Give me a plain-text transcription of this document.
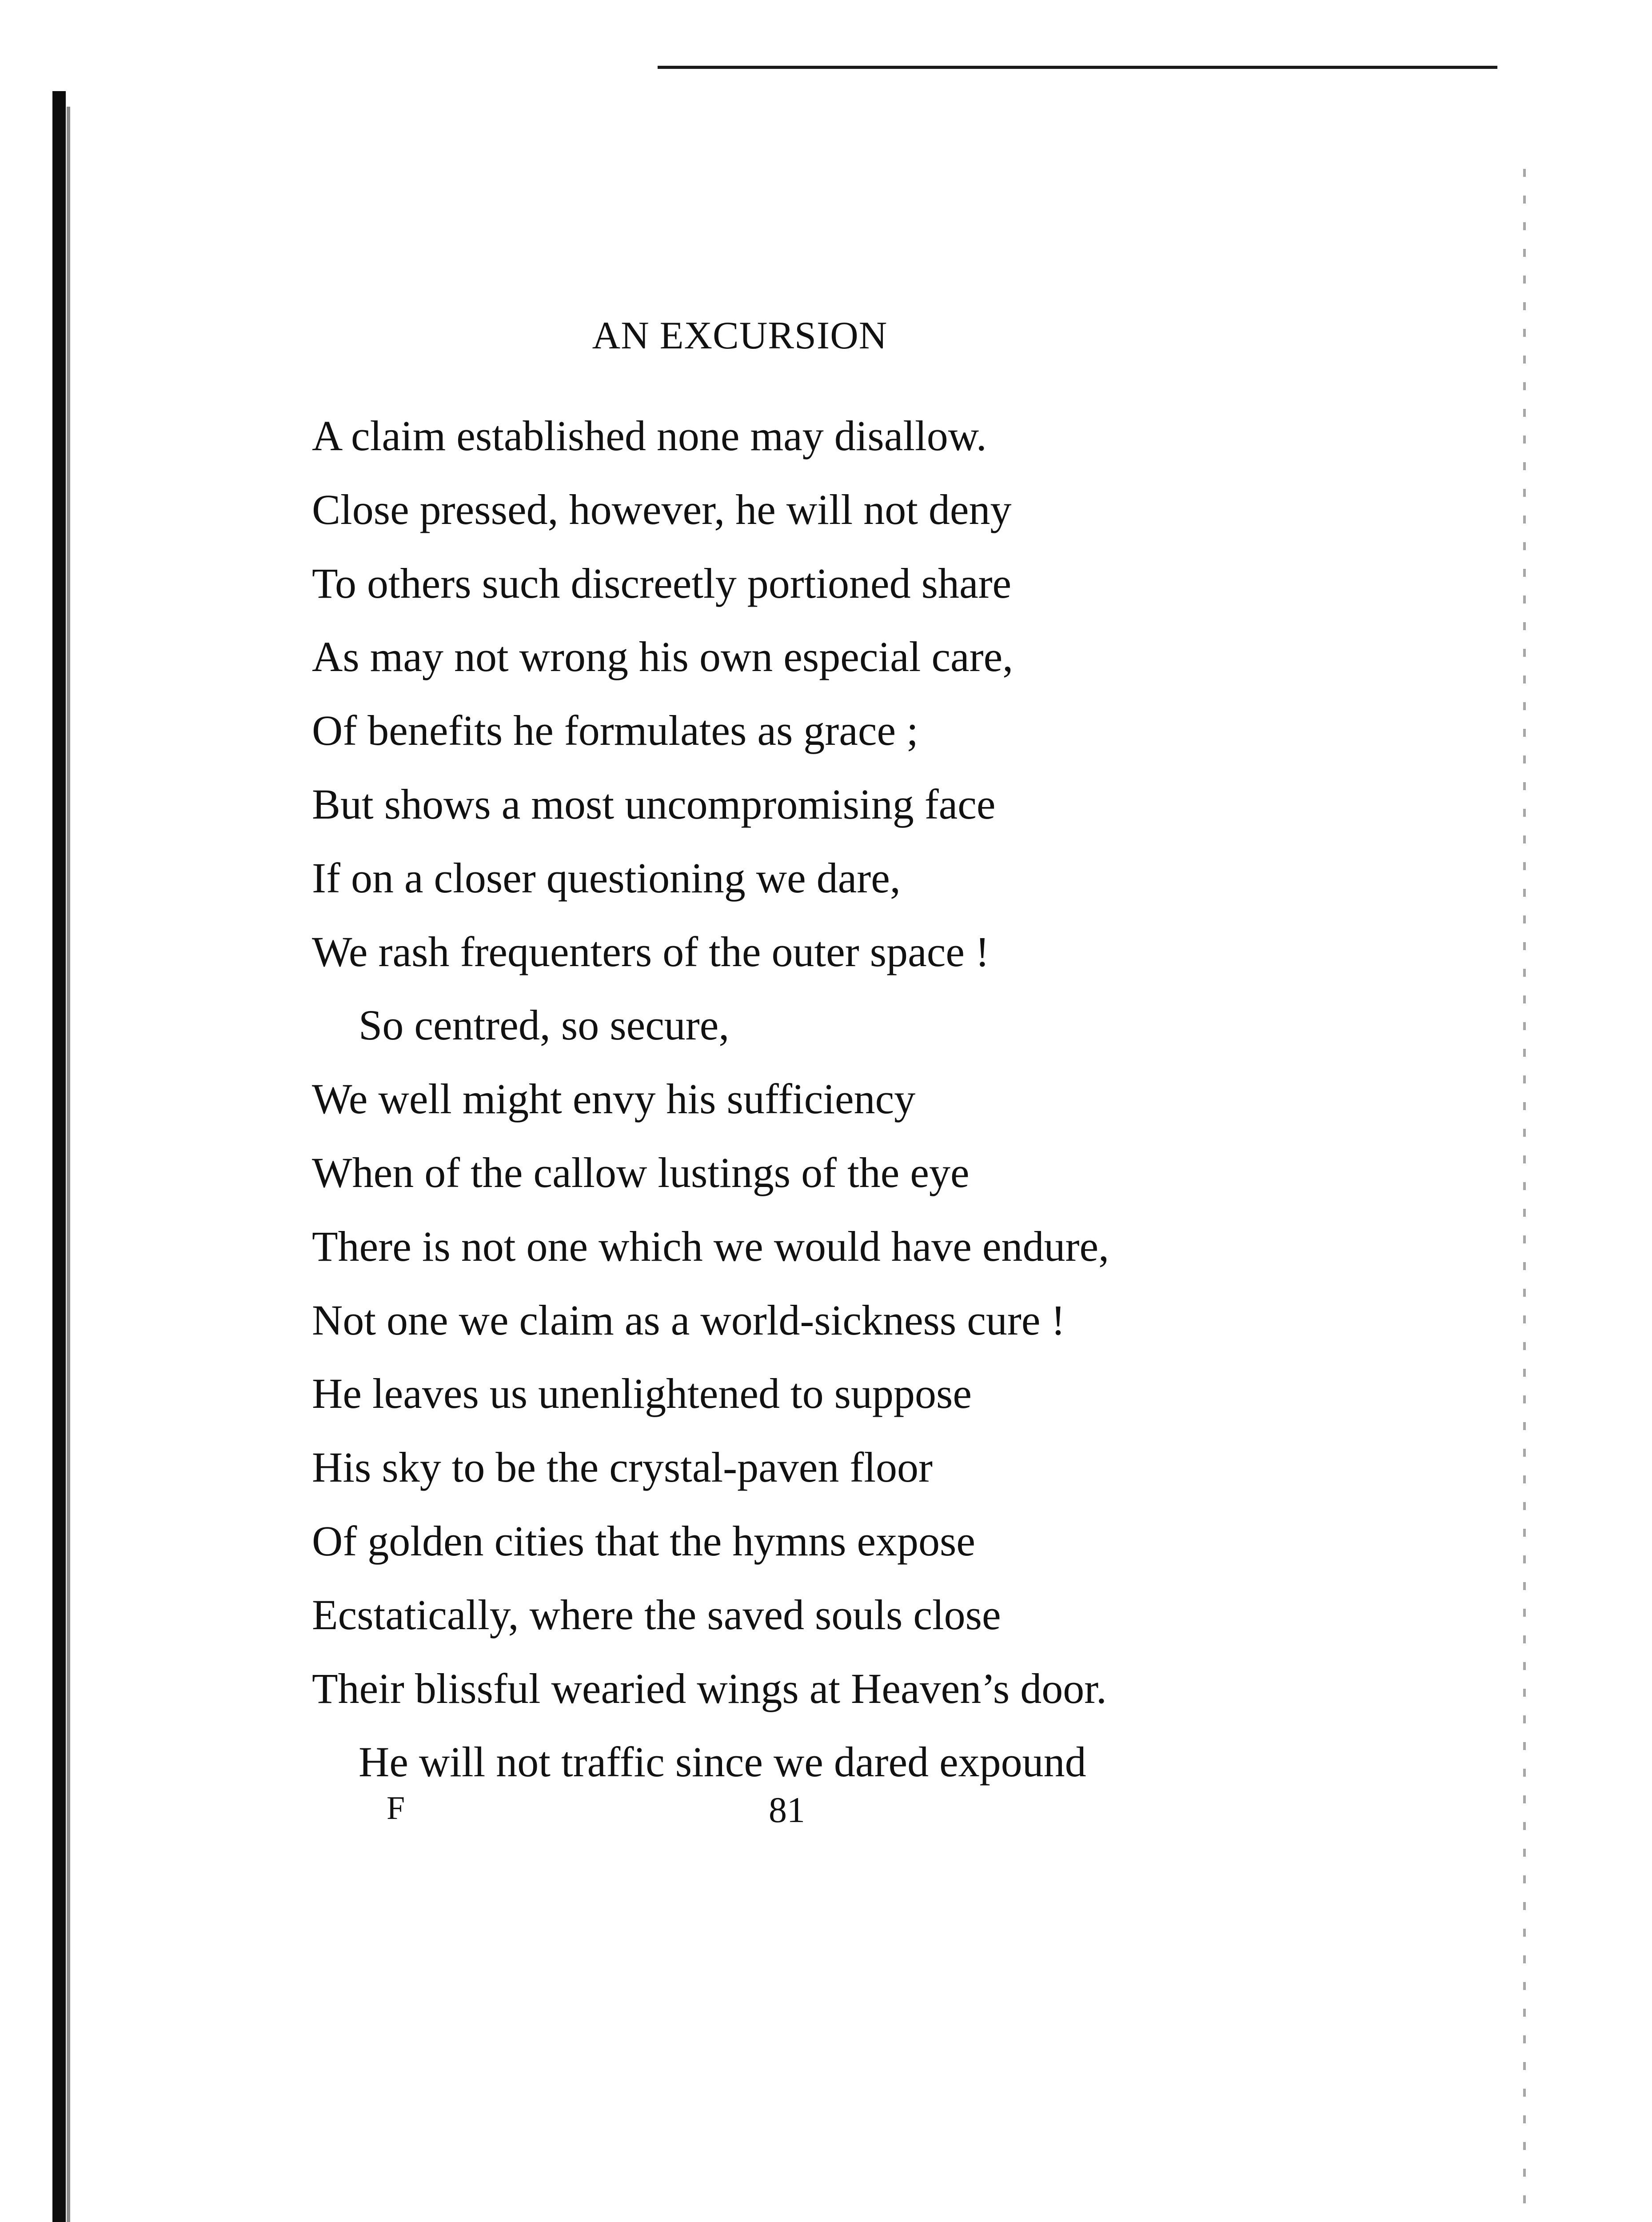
AN EXCURSION
A claim established none may disallow.
Close pressed, however, he will not deny
To others such discreetly portioned share
As may not wrong his own especial care,
Of benefits he formulates as grace ;
But shows a most uncompromising face
If on a closer questioning we dare,
We rash frequenters of the outer space !
So centred, so secure,
We well might envy his sufficiency
When of the callow lustings of the eye
There is not one which we would have endure,
Not one we claim as a world-sickness cure !
He leaves us unenlightened to suppose
His sky to be the crystal-paven floor
Of golden cities that the hymns expose
Ecstatically, where the saved souls close
Their blissful wearied wings at Heaven’s door.
He will not traffic since we dared expound
F	81
